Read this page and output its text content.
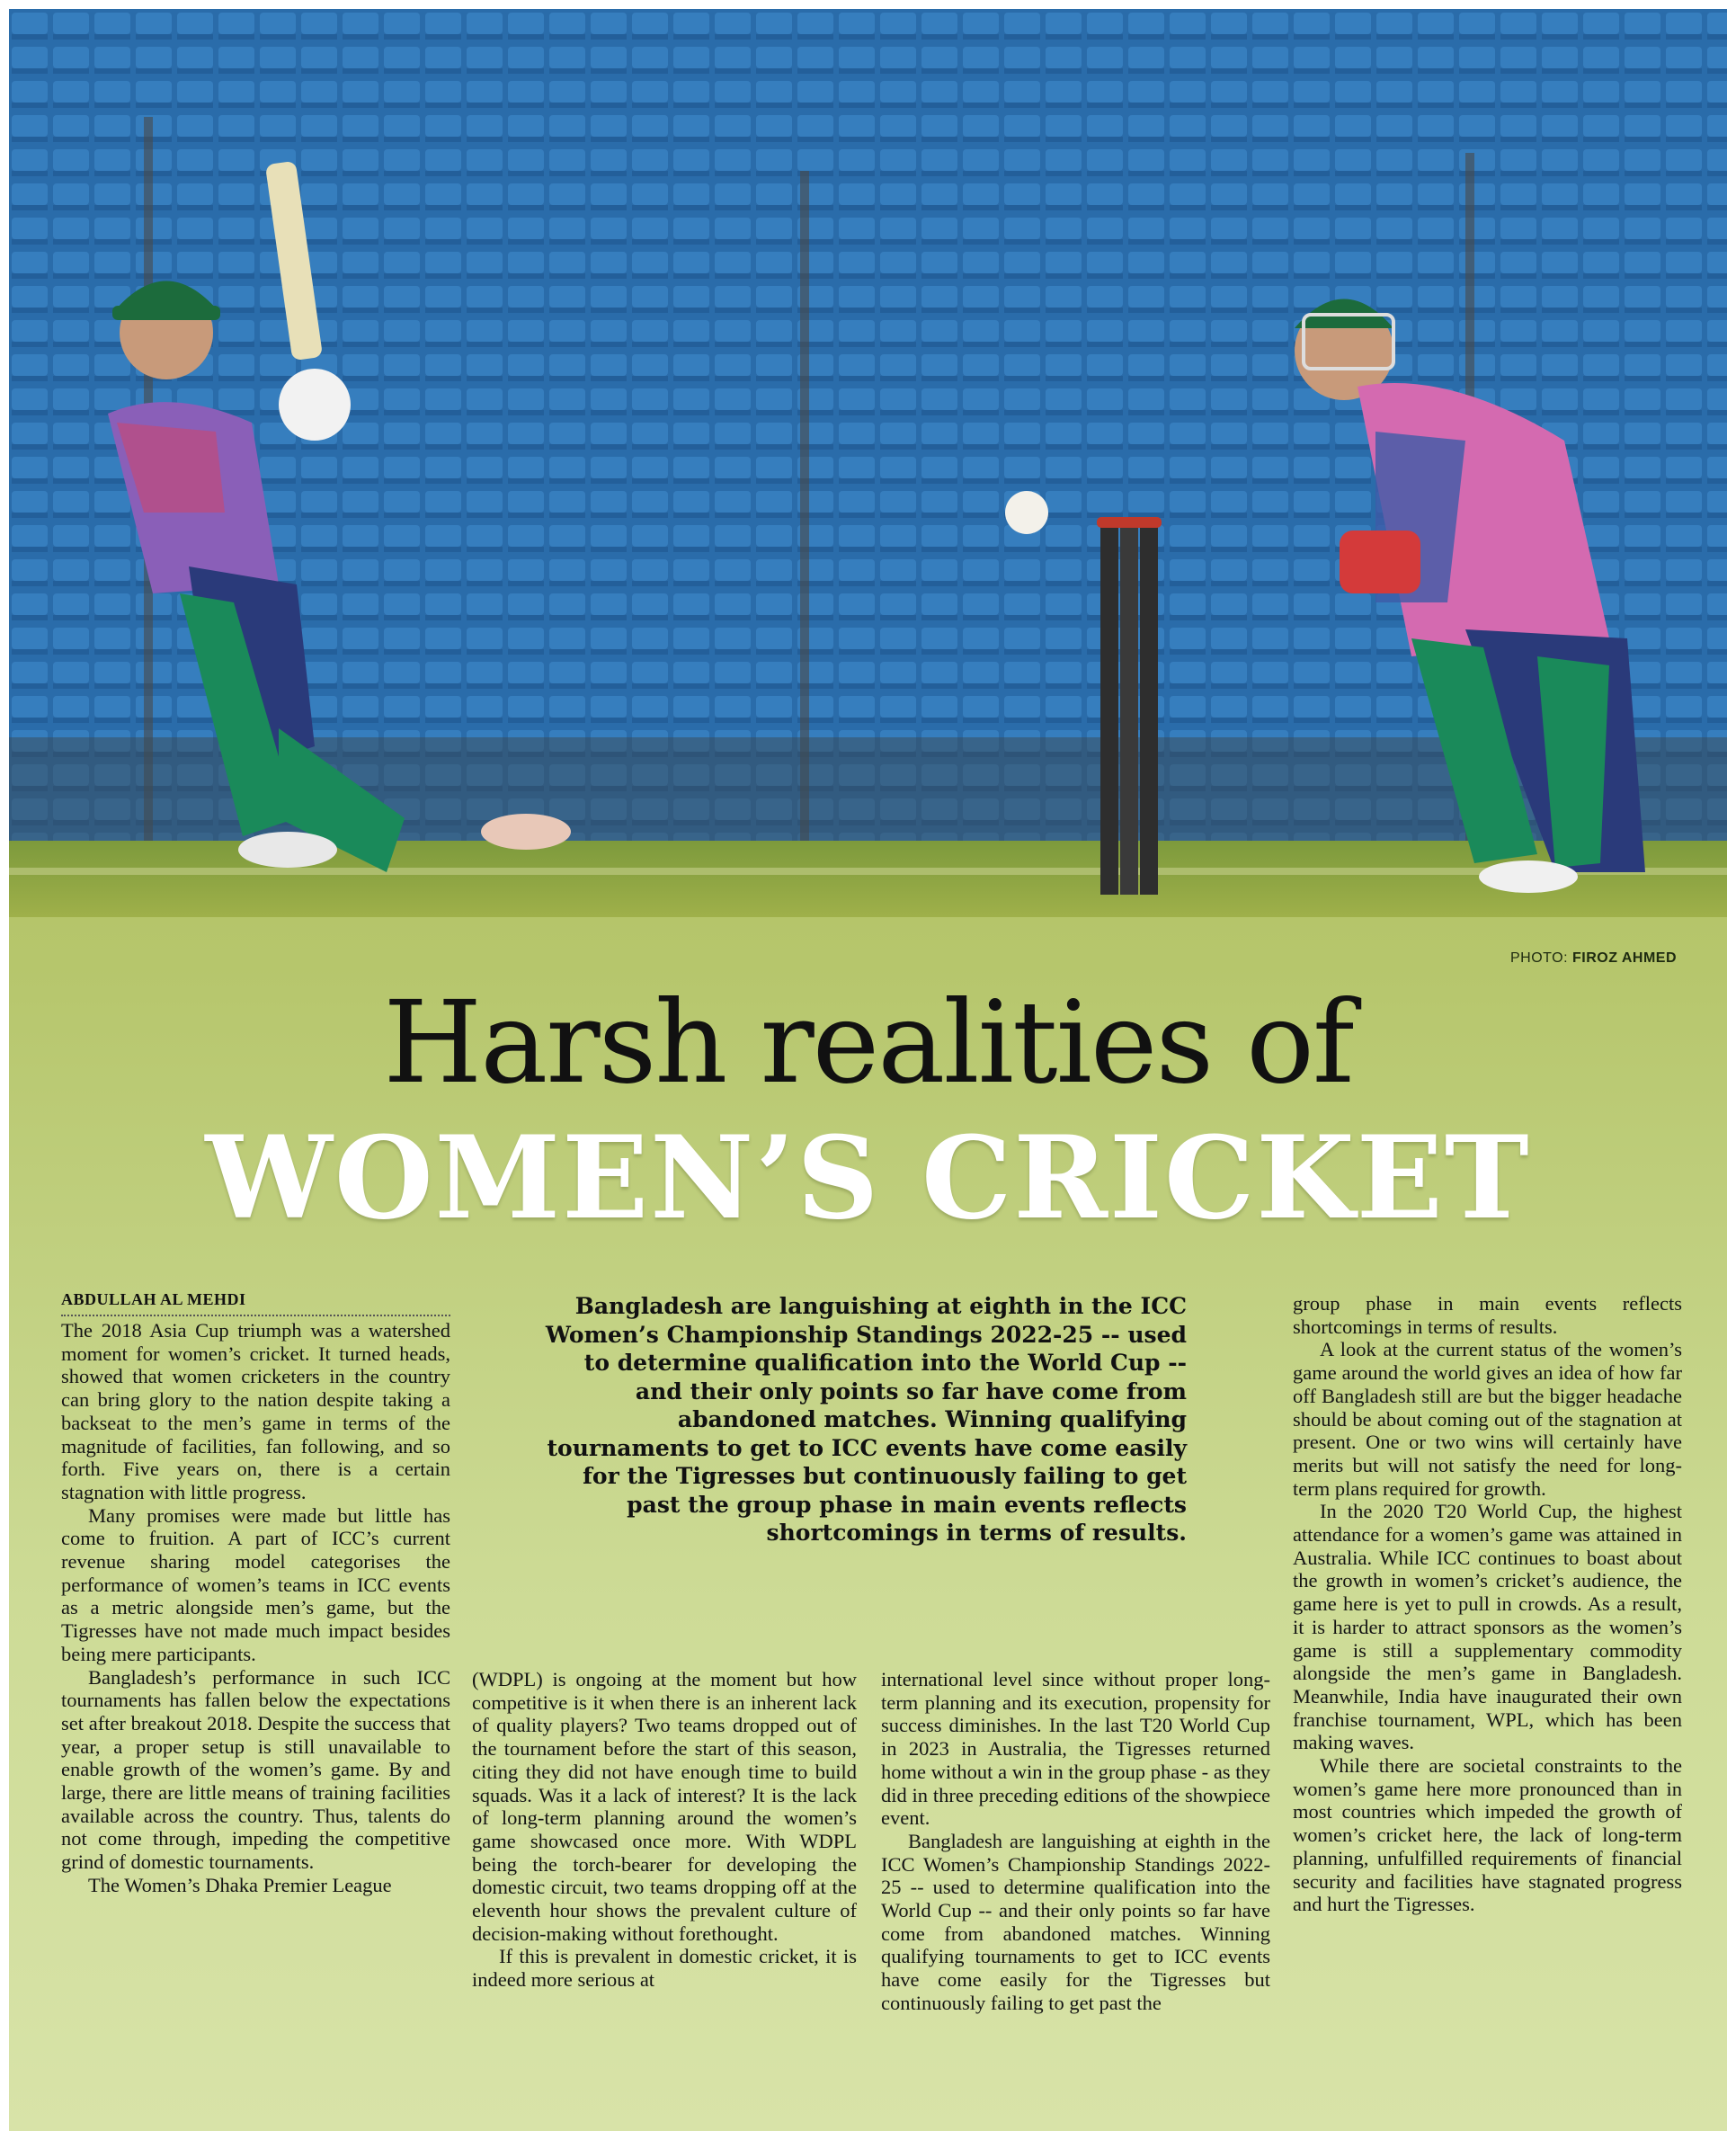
PHOTO: FIROZ AHMED
Harsh realities of
WOMEN’S CRICKET
ABDULLAH AL MEHDI	Bangladesh are languishing at eighth in the ICC Women’s Championship Standings 2022-25 -- used to determine qualification into the World Cup -- and their only points so far have come from abandoned matches. Winning qualifying tournaments to get to ICC events have come easily for the Tigresses but continuously failing to get past the group phase in main events reflects shortcomings in terms of results.

The 2018 Asia Cup triumph was a watershed moment for women’s cricket. It turned heads, showed that women cricketers in the country can bring glory to the nation despite taking a backseat to the men’s game in terms of the magnitude of facilities, fan following, and so forth. Five years on, there is a certain stagnation with little progress.

Many promises were made but little has come to fruition. A part of ICC’s current revenue sharing model categorises the performance of women’s teams in ICC events as a metric alongside men’s game, but the Tigresses have not made much impact besides being mere participants.

Bangladesh’s performance in such ICC tournaments has fallen below the expectations set after breakout 2018. Despite the success that year, a proper setup is still unavailable to enable growth of the women’s game. By and large, there are little means of training facilities available across the country. Thus, talents do not come through, impeding the competitive grind of domestic tournaments.

The Women’s Dhaka Premier League

(WDPL) is ongoing at the moment but how competitive is it when there is an inherent lack of quality players? Two teams dropped out of the tournament before the start of this season, citing they did not have enough time to build squads. Was it a lack of interest? It is the lack of long-term planning around the women’s game showcased once more. With WDPL being the torch-bearer for developing the domestic circuit, two teams dropping off at the eleventh hour shows the prevalent culture of decision-making without forethought.

If this is prevalent in domestic cricket, it is indeed more serious at

international level since without proper long-term planning and its execution, propensity for success diminishes. In the last T20 World Cup in 2023 in Australia, the Tigresses returned home without a win in the group phase - as they did in three preceding editions of the showpiece event.

Bangladesh are languishing at eighth in the ICC Women’s Championship Standings 2022-25 -- used to determine qualification into the World Cup -- and their only points so far have come from abandoned matches. Winning qualifying tournaments to get to ICC events have come easily for the Tigresses but continuously failing to get past the

group phase in main events reflects shortcomings in terms of results.

A look at the current status of the women’s game around the world gives an idea of how far off Bangladesh still are but the bigger headache should be about coming out of the stagnation at present. One or two wins will certainly have merits but will not satisfy the need for long-term plans required for growth.

In the 2020 T20 World Cup, the highest attendance for a women’s game was attained in Australia. While ICC continues to boast about the growth in women’s cricket’s audience, the game here is yet to pull in crowds. As a result, it is harder to attract sponsors as the women’s game is still a supplementary commodity alongside the men’s game in Bangladesh. Meanwhile, India have inaugurated their own franchise tournament, WPL, which has been making waves.

While there are societal constraints to the women’s game here more pronounced than in most countries which impeded the growth of women’s cricket here, the lack of long-term planning, unfulfilled requirements of financial security and facilities have stagnated progress and hurt the Tigresses.
